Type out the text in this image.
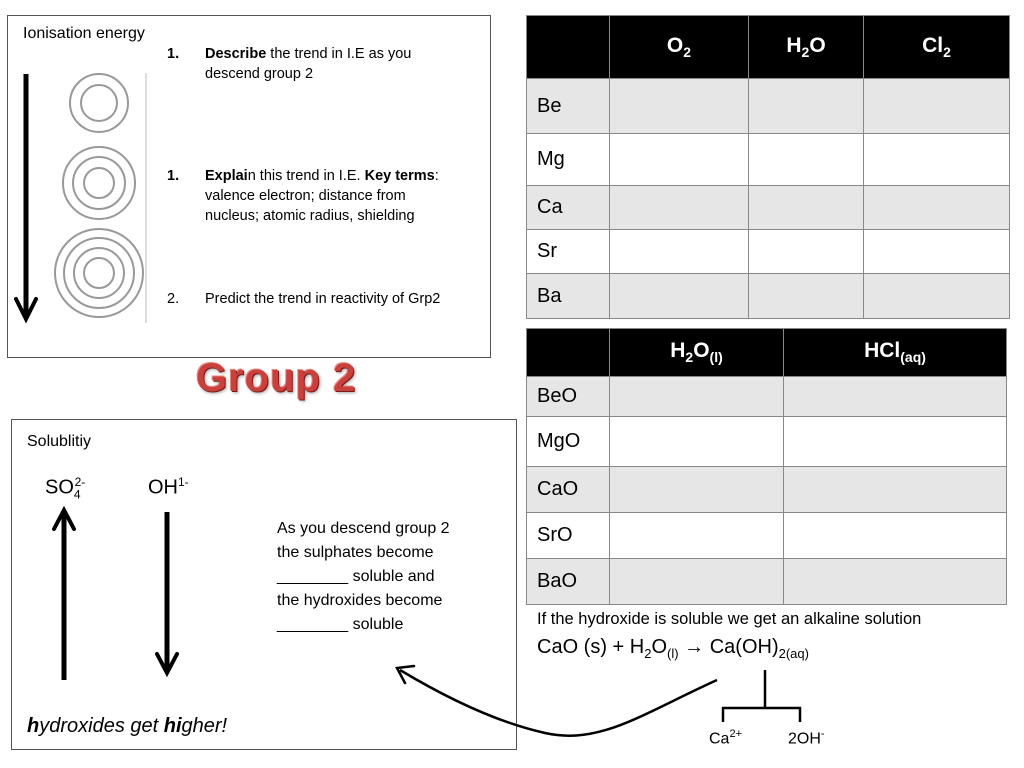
Ionisation energy
1. Describe the trend in I.E as you
descend group 2
1. Explain this trend in I.E. Key terms:
valence electron; distance from
nucleus; atomic radius, shielding
2. Predict the trend in reactivity of Grp2
Group 2
	$O_2$	$H_2O$	$Cl_2$
Be			
Mg			
Ca			
Sr			
Ba			
	$H_2O_{(l)}$	HCl$_{(aq)}$
BeO		
MgO		
CaO		
SrO		
BaO		
Solublitiy
$SO_4^{2-}$	$OH^{1-}$
As you descend group 2
the sulphates become
________ soluble and
the hydroxides become
________ soluble
hydroxides get higher!
If the hydroxide is soluble we get an alkaline solution
CaO $(s) + H_2O_{(l)} \to Ca(OH)_{2(aq)}$
$Ca^{2+}$	2OH-
